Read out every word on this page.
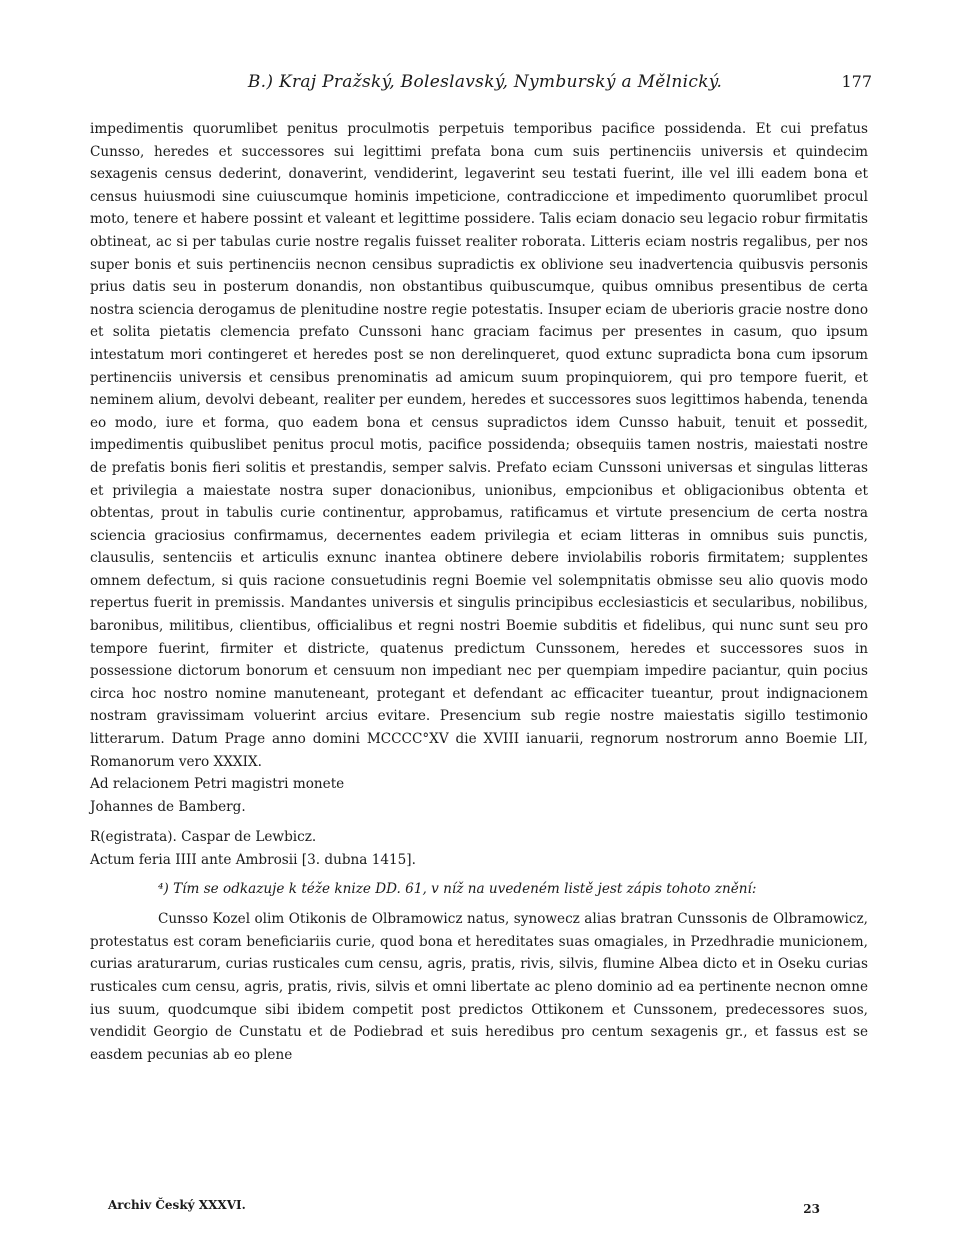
B.) Kraj Pražský, Boleslavský, Nymburský a Mělnický.	177

impedimentis quorumlibet penitus proculmotis perpetuis temporibus pacifice possidenda. Et cui prefatus Cunsso, heredes et successores sui legittimi prefata bona cum suis pertinenciis universis et quindecim sexagenis census dederint, donaverint, vendiderint, legaverint seu testati fuerint, ille vel illi eadem bona et census huiusmodi sine cuiuscumque hominis impeticione, contradiccione et impedimento quorumlibet procul moto, tenere et habere possint et valeant et legittime possidere. Talis eciam donacio seu legacio robur firmitatis obtineat, ac si per tabulas curie nostre regalis fuisset realiter roborata. Litteris eciam nostris regalibus, per nos super bonis et suis pertinenciis necnon censibus supradictis ex oblivione seu inadvertencia quibusvis personis prius datis seu in posterum donandis, non obstantibus quibuscumque, quibus omnibus presentibus de certa nostra sciencia derogamus de plenitudine nostre regie potestatis. Insuper eciam de uberioris gracie nostre dono et solita pietatis clemencia prefato Cunssoni hanc graciam facimus per presentes in casum, quo ipsum intestatum mori contingeret et heredes post se non derelinqueret, quod extunc supradicta bona cum ipsorum pertinenciis universis et censibus prenominatis ad amicum suum propinquiorem, qui pro tempore fuerit, et neminem alium, devolvi debeant, realiter per eundem, heredes et successores suos legittimos habenda, tenenda eo modo, iure et forma, quo eadem bona et census supradictos idem Cunsso habuit, tenuit et possedit, impedimentis quibuslibet penitus procul motis, pacifice possidenda; obsequiis tamen nostris, maiestati nostre de prefatis bonis fieri solitis et prestandis, semper salvis. Prefato eciam Cunssoni universas et singulas litteras et privilegia a maiestate nostra super donacionibus, unionibus, empcionibus et obligacionibus obtenta et obtentas, prout in tabulis curie continentur, approbamus, ratificamus et virtute presencium de certa nostra sciencia graciosius confirmamus, decernentes eadem privilegia et eciam litteras in omnibus suis punctis, clausulis, sentenciis et articulis exnunc inantea obtinere debere inviolabilis roboris firmitatem; supplentes omnem defectum, si quis racione consuetudinis regni Boemie vel solempnitatis obmisse seu alio quovis modo repertus fuerit in premissis. Mandantes universis et singulis principibus ecclesiasticis et secularibus, nobilibus, baronibus, militibus, clientibus, officialibus et regni nostri Boemie subditis et fidelibus, qui nunc sunt seu pro tempore fuerint, firmiter et districte, quatenus predictum Cunssonem, heredes et successores suos in possessione dictorum bonorum et censuum non impediant nec per quempiam impedire paciantur, quin pocius circa hoc nostro nomine manuteneant, protegant et defendant ac efficaciter tueantur, prout indignacionem nostram gravissimam voluerint arcius evitare. Presencium sub regie nostre maiestatis sigillo testimonio litterarum. Datum Prage anno domini MCCCC°XV die XVIII ianuarii, regnorum nostrorum anno Boemie LII, Romanorum vero XXXIX.

Ad relacionem Petri magistri monete

Johannes de Bamberg.

R(egistrata). Caspar de Lewbicz.

Actum feria IIII ante Ambrosii [3. dubna 1415].

⁴) Tím se odkazuje k téže knize DD. 61, v níž na uvedeném listě jest zápis tohoto znění:

Cunsso Kozel olim Otikonis de Olbramowicz natus, synowecz alias bratran Cunssonis de Olbramowicz, protestatus est coram beneficiariis curie, quod bona et hereditates suas omagiales, in Przedhradie municionem, curias araturarum, curias rusticales cum censu, agris, pratis, rivis, silvis, flumine Albea dicto et in Oseku curias rusticales cum censu, agris, pratis, rivis, silvis et omni libertate ac pleno dominio ad ea pertinente necnon omne ius suum, quodcumque sibi ibidem competit post predictos Ottikonem et Cunssonem, predecessores suos, vendidit Georgio de Cunstatu et de Podiebrad et suis heredibus pro centum sexagenis gr., et fassus est se easdem pecunias ab eo plene

Archiv Český XXXVI.	23
